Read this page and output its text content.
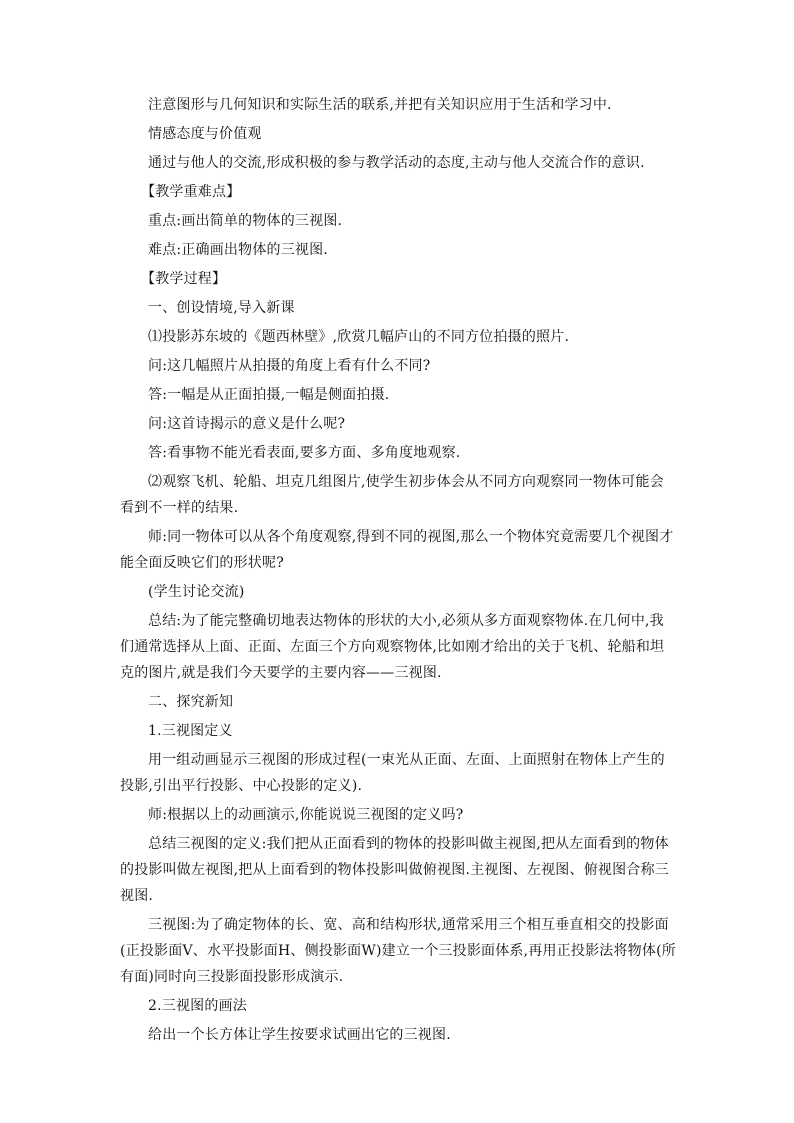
注意图形与几何知识和实际生活的联系,并把有关知识应用于生活和学习中.

情感态度与价值观

通过与他人的交流,形成积极的参与教学活动的态度,主动与他人交流合作的意识.

【教学重难点】

重点:画出简单的物体的三视图.

难点:正确画出物体的三视图.

【教学过程】

一、创设情境,导入新课

⑴投影苏东坡的《题西林壁》,欣赏几幅庐山的不同方位拍摄的照片.

问:这几幅照片从拍摄的角度上看有什么不同?

答:一幅是从正面拍摄,一幅是侧面拍摄.

问:这首诗揭示的意义是什么呢?

答:看事物不能光看表面,要多方面、多角度地观察.

⑵观察飞机、轮船、坦克几组图片,使学生初步体会从不同方向观察同一物体可能会看到不一样的结果.

师:同一物体可以从各个角度观察,得到不同的视图,那么一个物体究竟需要几个视图才能全面反映它们的形状呢?

(学生讨论交流)

总结:为了能完整确切地表达物体的形状的大小,必须从多方面观察物体.在几何中,我们通常选择从上面、正面、左面三个方向观察物体,比如刚才给出的关于飞机、轮船和坦克的图片,就是我们今天要学的主要内容——三视图.

二、探究新知

1.三视图定义

用一组动画显示三视图的形成过程(一束光从正面、左面、上面照射在物体上产生的投影,引出平行投影、中心投影的定义).

师:根据以上的动画演示,你能说说三视图的定义吗?

总结三视图的定义:我们把从正面看到的物体的投影叫做主视图,把从左面看到的物体的投影叫做左视图,把从上面看到的物体投影叫做俯视图.主视图、左视图、俯视图合称三视图.

三视图:为了确定物体的长、宽、高和结构形状,通常采用三个相互垂直相交的投影面(正投影面V、水平投影面H、侧投影面W)建立一个三投影面体系,再用正投影法将物体(所有面)同时向三投影面投影形成演示.

2.三视图的画法

给出一个长方体让学生按要求试画出它的三视图.
